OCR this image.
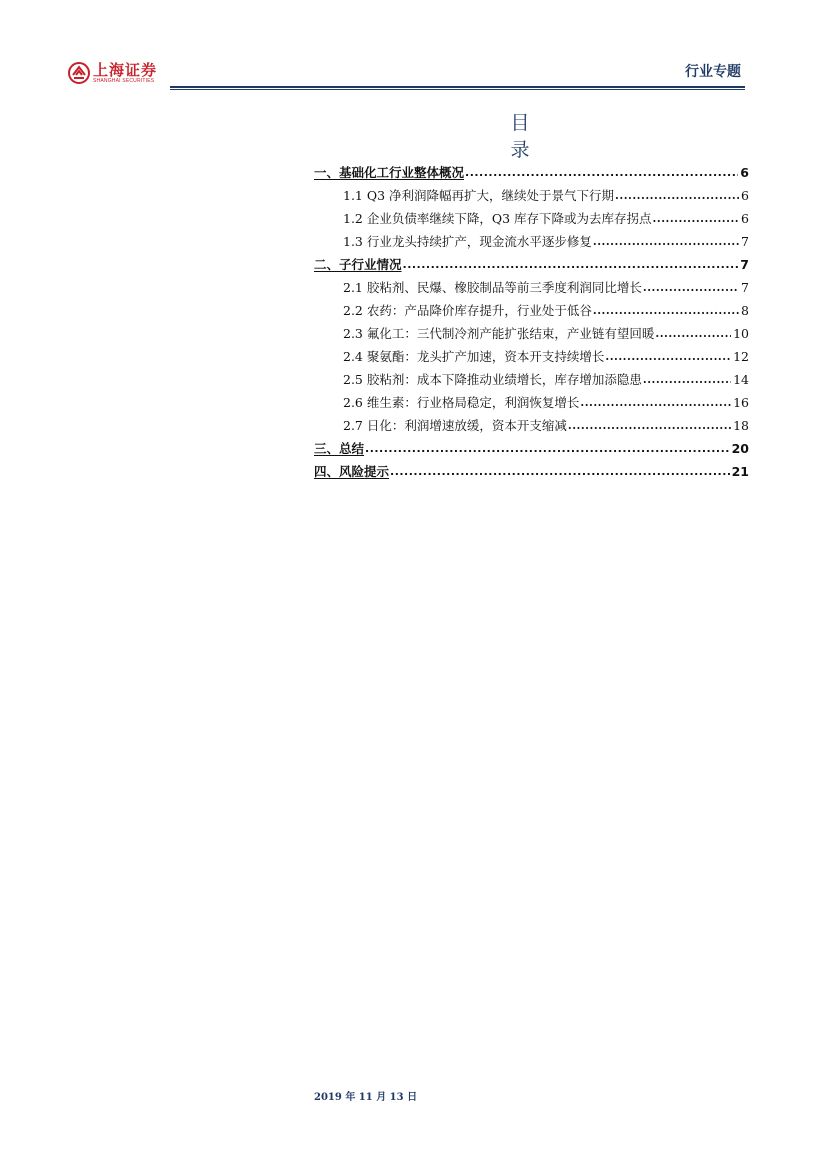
上海证券
SHANGHAI SECURITIES
行业专题
目 录
一、基础化工行业整体概况 .....	6
1.1 Q3 净利润降幅再扩大，继续处于景气下行期 .....	6
1.2 企业负债率继续下降，Q3 库存下降或为去库存拐点 .....	6
1.3 行业龙头持续扩产，现金流水平逐步修复 .....	7
二、子行业情况 .....	7
2.1 胶粘剂、民爆、橡胶制品等前三季度利润同比增长 .....	7
2.2 农药：产品降价库存提升，行业处于低谷 .....	8
2.3 氟化工：三代制冷剂产能扩张结束，产业链有望回暖 .....	10
2.4 聚氨酯：龙头扩产加速，资本开支持续增长 .....	12
2.5 胶粘剂：成本下降推动业绩增长，库存增加添隐患 .....	14
2.6 维生素：行业格局稳定，利润恢复增长 .....	16
2.7 日化：利润增速放缓，资本开支缩减 .....	18
三、总结 .....	20
四、风险提示 .....	21
2019 年 11 月 13 日
